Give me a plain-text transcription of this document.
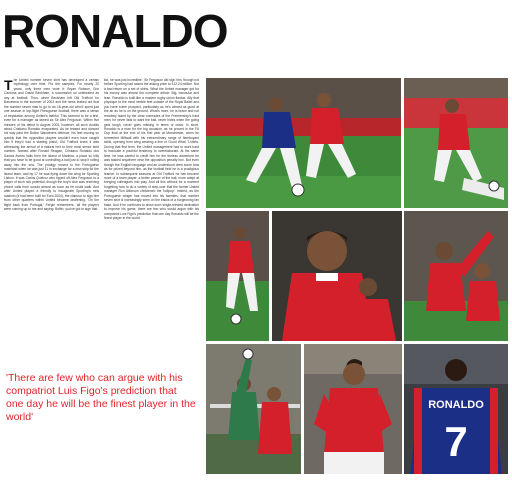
RONALDO
The United number seven shirt has developed a certain mythology over time. Put the samples. For nearly 20 years, only three men wore it: Bryan Robson, Eric Cantona and David Beckham, a succession so celebrated as any at football. Thus, when Beckham left Old Trafford for Barcelona in the summer of 2003 and the news leaked out that the number seven was to go to an 18-year-old who'd spent just one season in top-flight Portuguese football, there was a sense of trepidation among United's faithful. This seemed to be a test, even for a manager as famed as Sir Alex Ferguson. Within five minutes of his debut in August 2003, however, all such doubts about Cristiano Ronaldo evaporated. As he teased and danced his way past the Bolton Wanderers defence, his feet moving so quickly that the opposition players wouldn't even have caught him if they'd had a starting pistol, Old Trafford knew it was witnessing the arrival of a natural heir to their most senior shirt number. Named after Ronald Reagan, Cristiano Ronaldo dos Santos Aveiro hails from the island of Madeira, a place so hilly that you have to be good at controlling a ball just to stop it rolling away into the sea. The prodigy moved to the Portuguese mainland when he was just 11 in exchange for a new strip for the island team, and by 17 he was flying down the wing for Sporting Lisbon. It was Carlos Queiroz who tipped off Alex Ferguson to a player of such rich potential, though the boy's club was receiving phone calls from scouts almost as soon as he could walk. And after United played a friendly to inaugurate Sporting's new stadium (it had been built for Euro 2004), the clamour to sign him from other quarters within United became deafening. 'On the flight back from Portugal,' Fergie remembers, 'all the players were coming up to me and saying: Boffin, you've got to sign that
kid, he was just incredible.' Sir Ferguson did sign him, though not before Sporting had raised the asking price to £12.24 million. Not a bad return on a set of shirts. What the United manager got for his money was almost the complete article. Big, muscular and lean, Ronaldo is built like a modern rugby union flanker. Ally that physique to the most nimble feet outside of the Royal Ballet and you have some prospect, particularly as he's almost as good at the air as he is on the ground. What's more, he is brave and not remotely fazed by the clear comrades of the Premiership's hard men; he never fails to want the ball, never hides when the going gets tough, never goes missing in times of crisis. In short, Ronaldo is a man for the big occasion, as he proved in the FA Cup final at the end of his first year at Manchester, when he tormented Millwall with his extraordinary range of flamboyant skills, opening from wing wearing a line of 'Good What' T-shirts. During that first term, the United management had to work hard to inculcate a youthful tendency to overelaborate. At the same time, he was careful to credit him for the tireless adventure he was tasked anywhere near the opposition penalty box. But even though the English language and an understood drew some how as for prized beyond him, as the football field he is a prodigious learner. In subsequent seasons at Old Trafford he has become more of a team player, a better passer of the ball, more adept at bringing colleagues into play. And all this without for a moment forgetting how to do a variety of step-over that the former United manager Ron Atkinson christened the 'lollipop'. Indeed, as the Portuguese winger has moved into his twenties, that number seven shirt is increasingly seen on the backs of a burgeoning fan base. And if he continues to show such single-minded dedication to improve his game, there are few who would argue with his compatriot Luis Figo's prediction that one day Ronaldo will be the finest player in the world.
'There are few who can argue with his compatriot Luis Figo's prediction that one day he will be the finest player in the world'
RONALDO
7
